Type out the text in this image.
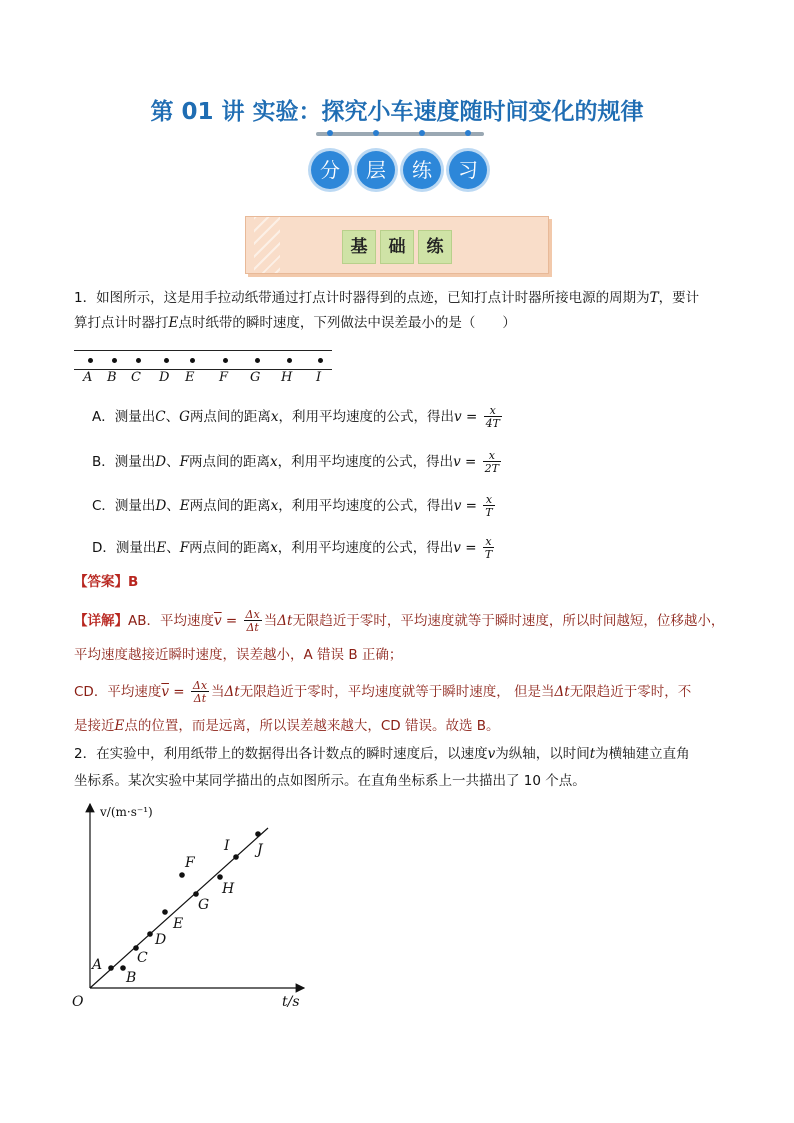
第 01 讲 实验：探究小车速度随时间变化的规律
分	层	练	习
基 础 练
1．如图所示，这是用手拉动纸带通过打点计时器得到的点迹，已知打点计时器所接电源的周期为T，要计
算打点计时器打E点时纸带的瞬时速度，下列做法中误差最小的是（　　）
A B C D E F G H I
A．测量出C、G两点间的距离x，利用平均速度的公式，得出$v = \frac{x}{4T}$
B．测量出D、F两点间的距离x，利用平均速度的公式，得出$v = \frac{x}{2T}$
C．测量出D、E两点间的距离x，利用平均速度的公式，得出$v = \frac{x}{T}$
D．测量出E、F两点间的距离x，利用平均速度的公式，得出$v = \frac{x}{T}$
【答案】B
【详解】AB．平均速度$\overline{v} = \frac{\Delta x}{\Delta t}$ 当Δt无限趋近于零时，平均速度就等于瞬时速度，所以时间越短，位移越小，
平均速度越接近瞬时速度，误差越小，A 错误 B 正确；
CD．平均速度$\overline{v} = \frac{\Delta x}{\Delta t}$ 当Δt无限趋近于零时，平均速度就等于瞬时速度， 但是当Δt无限趋近于零时，不
是接近E点的位置，而是远离，所以误差越来越大，CD 错误。故选 B。
2．在实验中，利用纸带上的数据得出各计数点的瞬时速度后，以速度v为纵轴，以时间t为横轴建立直角
坐标系。某次实验中某同学描出的点如图所示。在直角坐标系上一共描出了 10 个点。
v/(m·s⁻¹)
t/s
O
A
B
C
D
E
F
G
H
I J
